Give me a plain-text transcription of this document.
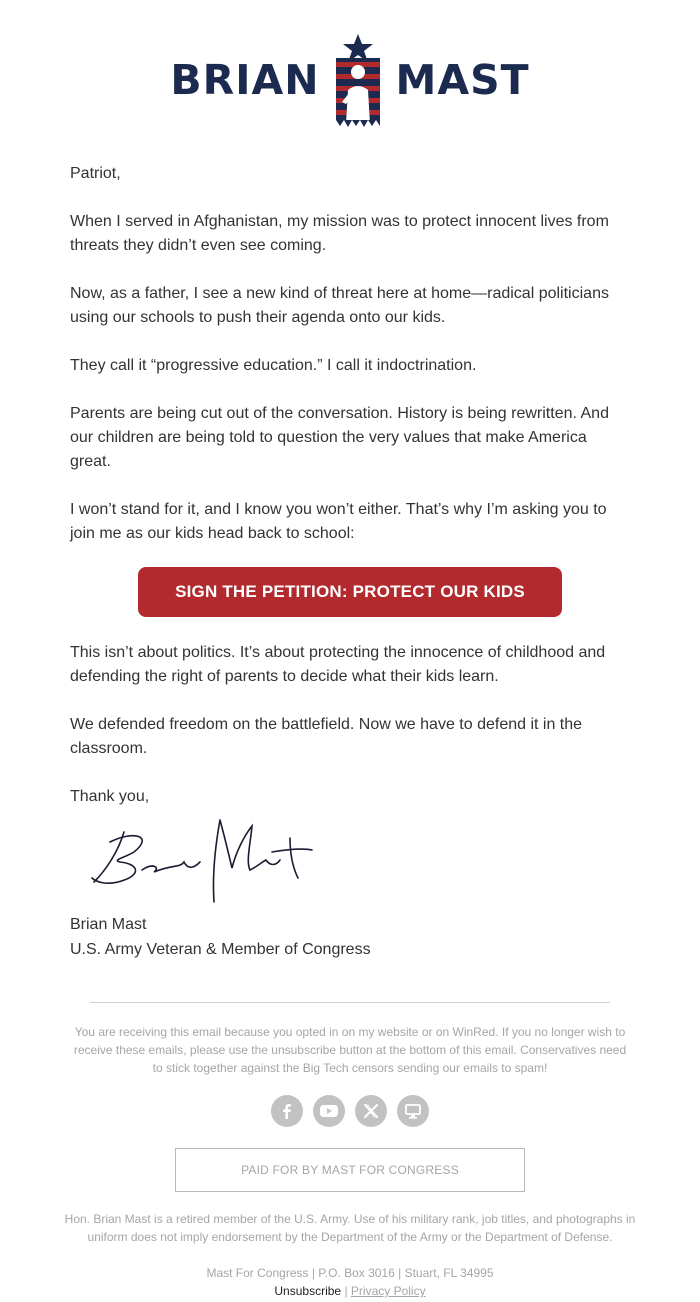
BRIAN MAST

Patriot,

When I served in Afghanistan, my mission was to protect innocent lives from threats they didn’t even see coming.

Now, as a father, I see a new kind of threat here at home—radical politicians using our schools to push their agenda onto our kids.

They call it “progressive education.” I call it indoctrination.

Parents are being cut out of the conversation. History is being rewritten. And our children are being told to question the very values that make America great.

I won’t stand for it, and I know you won’t either. That’s why I’m asking you to join me as our kids head back to school:

SIGN THE PETITION: PROTECT OUR KIDS

This isn’t about politics. It’s about protecting the innocence of childhood and defending the right of parents to decide what their kids learn.

We defended freedom on the battlefield. Now we have to defend it in the classroom.

Thank you,

Brian Mast
U.S. Army Veteran & Member of Congress
You are receiving this email because you opted in on my website or on WinRed. If you no longer wish to receive these emails, please use the unsubscribe button at the bottom of this email. Conservatives need to stick together against the Big Tech censors sending our emails to spam!
PAID FOR BY MAST FOR CONGRESS
Hon. Brian Mast is a retired member of the U.S. Army. Use of his military rank, job titles, and photographs in uniform does not imply endorsement by the Department of the Army or the Department of Defense.
Mast For Congress | P.O. Box 3016 | Stuart, FL 34995
Unsubscribe | Privacy Policy
